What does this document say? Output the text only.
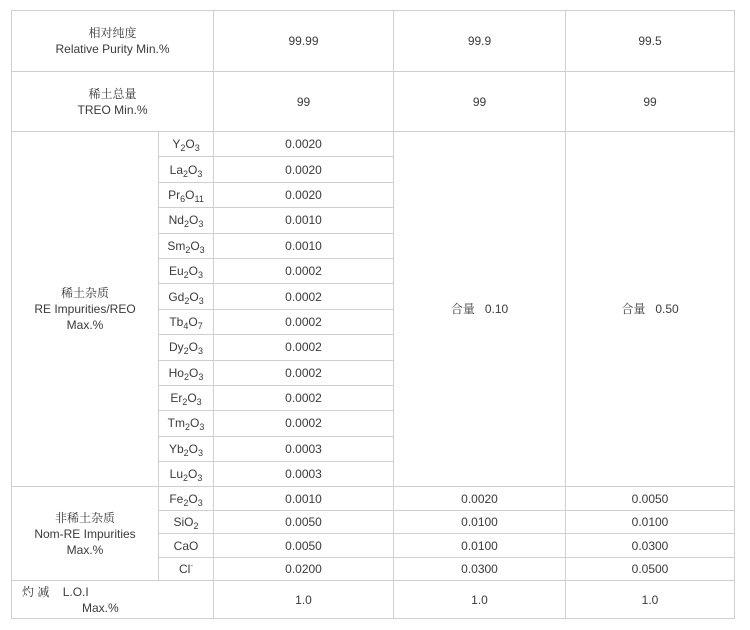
相对纯度
Relative Purity Min.%		99.99	99.9	99.5

稀土总量
TREO Min.%		99	99	99

稀土杂质
RE Impurities/REO
Max.%	$Y_2O_3$	0.0020	合量 0.10	合量 0.50
	$La_2O_3$	0.0020		
	$Pr_6O_{11}$	0.0020		
	$Nd_2O_3$	0.0010		
	$Sm_2O_3$	0.0010		
	$Eu_2O_3$	0.0002		
	$Gd_2O_3$	0.0002		
	$Tb_4O_7$	0.0002		
	$Dy_2O_3$	0.0002		
	$Ho_2O_3$	0.0002		
	$Er_2O_3$	0.0002		
	$Tm_2O_3$	0.0002		
	$Yb_2O_3$	0.0003		
	$Lu_2O_3$	0.0003		

非稀土杂质
Nom-RE Impurities
Max.%	$Fe_2O_3$	0.0010	0.0020	0.0050
	SiO$_2$	0.0050	0.0100	0.0100
	CaO	0.0050	0.0100	0.0300
	Cl-	0.0200	0.0300	0.0500

灼 减 L.O.I
Max.%		1.0	1.0	1.0
